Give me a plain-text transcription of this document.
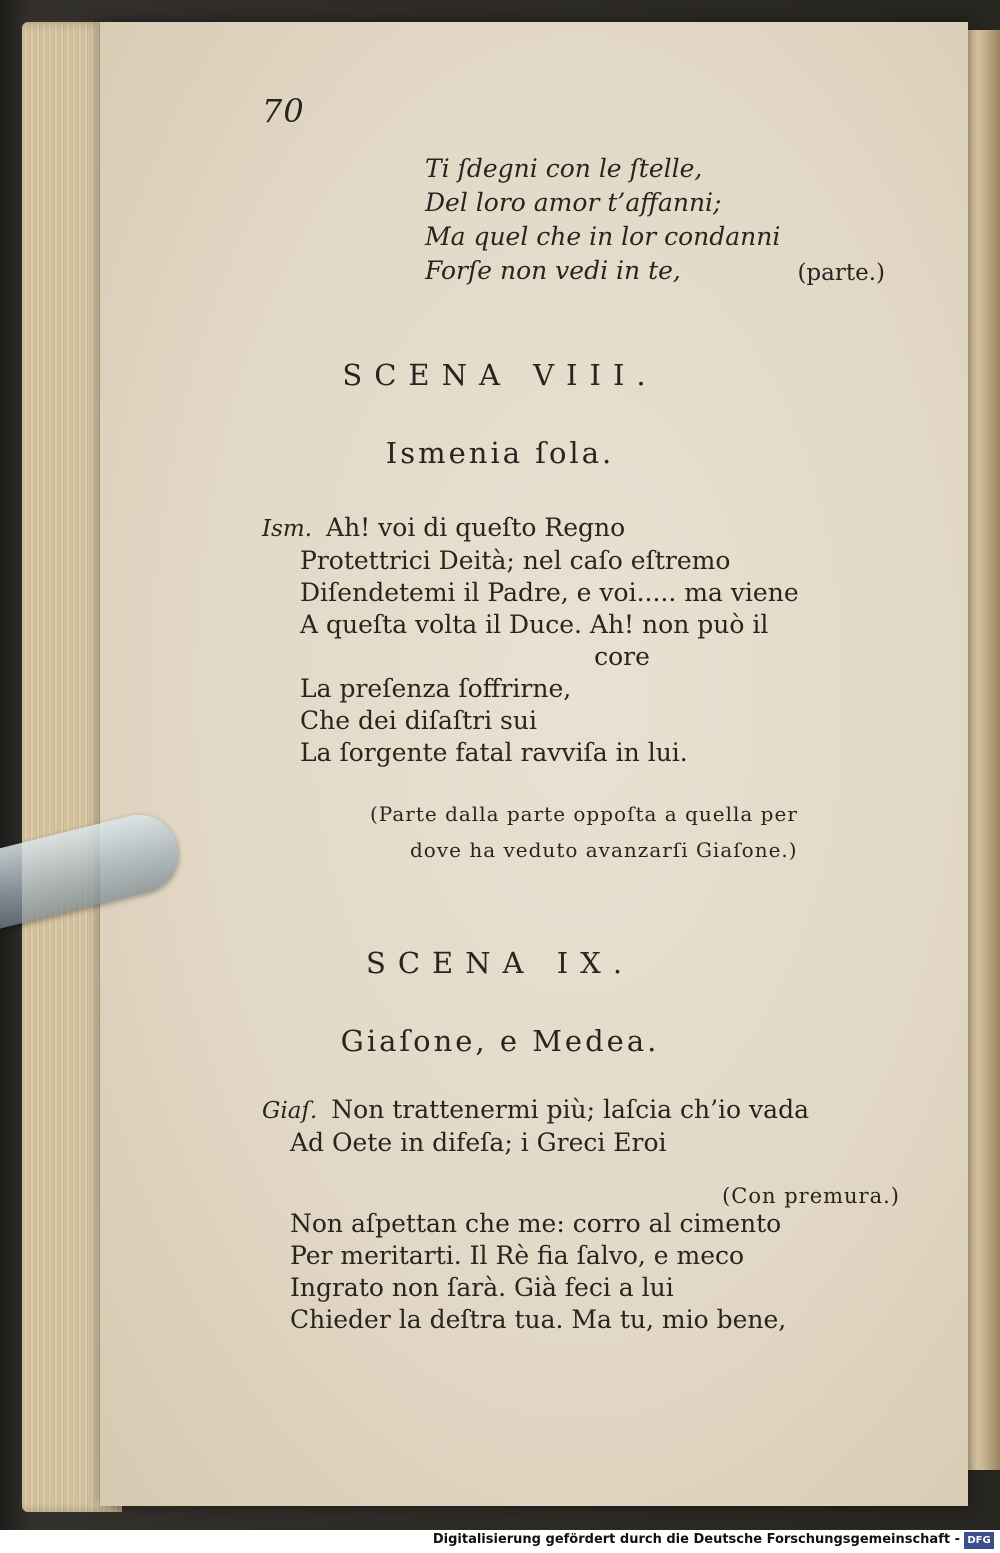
70

Ti ſdegni con le ſtelle,

Del loro amor t’affanni;

Ma quel che in lor condanni

Forſe non vedi in te,	(parte.)

SCENA VIII.

Ismenia ſola.

Ism. Ah! voi di queſto Regno

Protettrici Deità; nel caſo eſtremo

Diſendetemi il Padre, e voi..... ma viene

A queſta volta il Duce. Ah! non può il

core

La preſenza ſoffrirne,

Che dei diſaſtri sui

La ſorgente fatal ravviſa in lui.

(Parte dalla parte oppoſta a quella per

dove ha veduto avanzarſi Giaſone.)

SCENA IX.

Giaſone, e Medea.

Giaſ. Non trattenermi più; laſcia ch’io vada

Ad Oete in difeſa; i Greci Eroi

(Con premura.)

Non aſpettan che me: corro al cimento

Per meritarti. Il Rè fia ſalvo, e meco

Ingrato non ſarà. Già feci a lui

Chieder la deſtra tua. Ma tu, mio bene,

Digitalisierung gefördert durch die Deutsche Forschungsgemeinschaft - DFG
